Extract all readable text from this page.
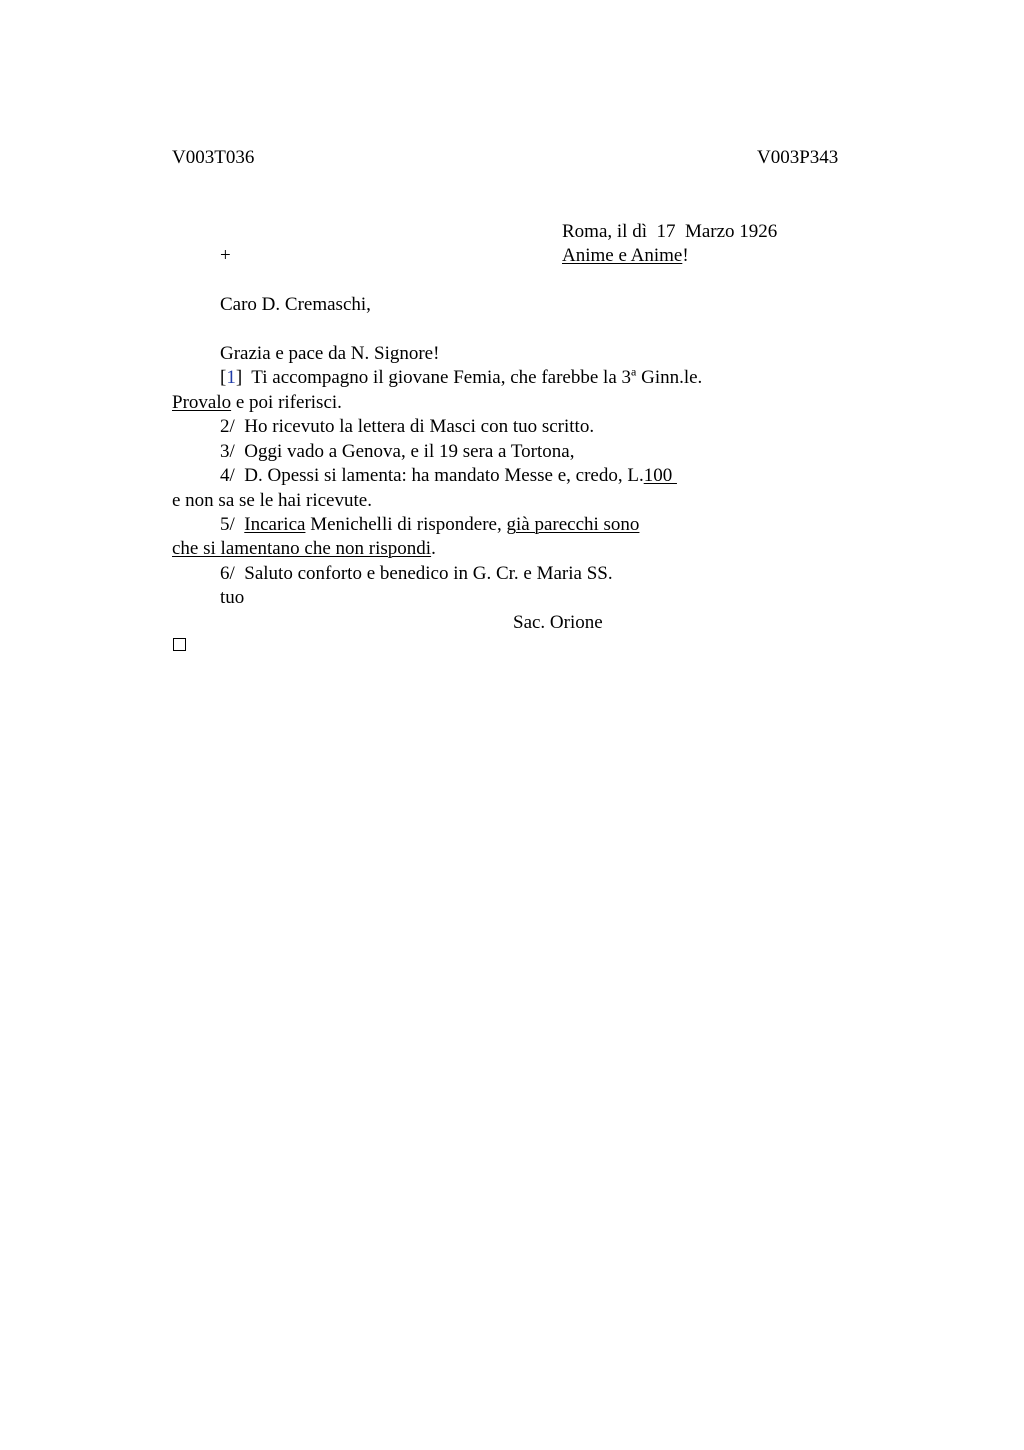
V003T036	V003P343
Roma, il dì  17  Marzo 1926
+	Anime e Anime!
Caro D. Cremaschi,
Grazia e pace da N. Signore!
[1]  Ti accompagno il giovane Femia, che farebbe la 3$^a$ Ginn.le.
Provalo e poi riferisci.
2/  Ho ricevuto la lettera di Masci con tuo scritto.
3/  Oggi vado a Genova, e il 19 sera a Tortona,
4/  D. Opessi si lamenta: ha mandato Messe e, credo, L.100
e non sa se le hai ricevute.
5/  Incarica Menichelli di rispondere, già parecchi sono
che si lamentano che non rispondi.
6/  Saluto conforto e benedico in G. Cr. e Maria SS.
tuo
Sac. Orione
